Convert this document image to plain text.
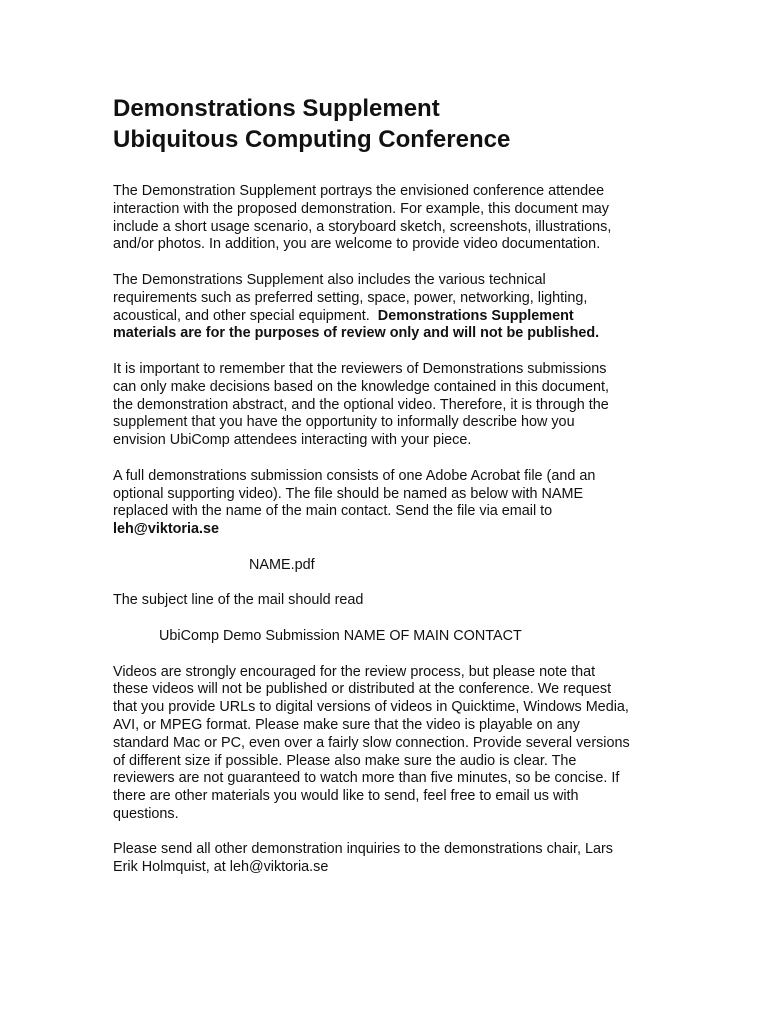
Demonstrations Supplement
Ubiquitous Computing Conference

The Demonstration Supplement portrays the envisioned conference attendee
interaction with the proposed demonstration. For example, this document may
include a short usage scenario, a storyboard sketch, screenshots, illustrations,
and/or photos. In addition, you are welcome to provide video documentation.

The Demonstrations Supplement also includes the various technical
requirements such as preferred setting, space, power, networking, lighting,
acoustical, and other special equipment.  Demonstrations Supplement
materials are for the purposes of review only and will not be published.

It is important to remember that the reviewers of Demonstrations submissions
can only make decisions based on the knowledge contained in this document,
the demonstration abstract, and the optional video. Therefore, it is through the
supplement that you have the opportunity to informally describe how you
envision UbiComp attendees interacting with your piece.

A full demonstrations submission consists of one Adobe Acrobat file (and an
optional supporting video). The file should be named as below with NAME
replaced with the name of the main contact. Send the file via email to
leh@viktoria.se

NAME.pdf

The subject line of the mail should read

UbiComp Demo Submission NAME OF MAIN CONTACT

Videos are strongly encouraged for the review process, but please note that
these videos will not be published or distributed at the conference. We request
that you provide URLs to digital versions of videos in Quicktime, Windows Media,
AVI, or MPEG format. Please make sure that the video is playable on any
standard Mac or PC, even over a fairly slow connection. Provide several versions
of different size if possible. Please also make sure the audio is clear. The
reviewers are not guaranteed to watch more than five minutes, so be concise. If
there are other materials you would like to send, feel free to email us with
questions.

Please send all other demonstration inquiries to the demonstrations chair, Lars
Erik Holmquist, at leh@viktoria.se
